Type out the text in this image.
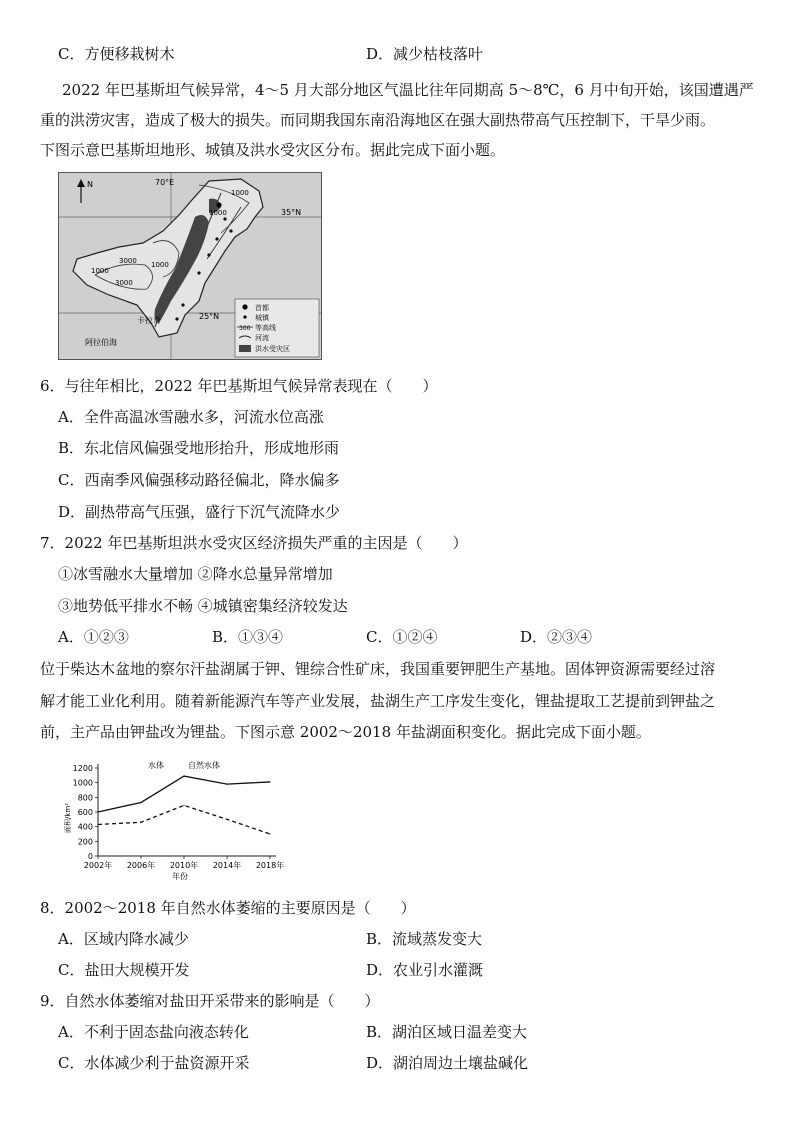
C．方便移栽树木	D．减少枯枝落叶
2022 年巴基斯坦气候异常，4～5 月大部分地区气温比往年同期高 5～8℃，6 月中旬开始，该国遭遇严
重的洪涝灾害，造成了极大的损失。而同期我国东南沿海地区在强大副热带高气压控制下，干旱少雨。
下图示意巴基斯坦地形、城镇及洪水受灾区分布。据此完成下面小题。
N	70°E
35°N
25°N
1000
3000 1000
1000
3000
1000
卡拉奇
阿拉伯海
首都
城镇
300 等高线
河流
洪水受灾区
6．与往年相比，2022 年巴基斯坦气候异常表现在（　　）
A．全件高温冰雪融水多，河流水位高涨
B．东北信风偏强受地形抬升，形成地形雨
C．西南季风偏强移动路径偏北，降水偏多
D．副热带高气压强，盛行下沉气流降水少
7．2022 年巴基斯坦洪水受灾区经济损失严重的主因是（　　）
①冰雪融水大量增加 ②降水总量异常增加
③地势低平排水不畅 ④城镇密集经济较发达
A．①②③	B．①③④	C．①②④	D．②③④
位于柴达木盆地的察尔汗盐湖属于钾、锂综合性矿床，我国重要钾肥生产基地。固体钾资源需要经过溶
解才能工业化利用。随着新能源汽车等产业发展，盐湖生产工序发生变化，锂盐提取工艺提前到钾盐之
前，主产品由钾盐改为锂盐。下图示意 2002～2018 年盐湖面积变化。据此完成下面小题。
0
200
400
600
800
1000
1200
2002年 2006年 2010年 2014年 2018年
水体	自然水体
面积/km²
年份
8．2002～2018 年自然水体萎缩的主要原因是（　　）
A．区域内降水减少	B．流域蒸发变大
C．盐田大规模开发	D．农业引水灌溉
9．自然水体萎缩对盐田开采带来的影响是（　　）
A．不利于固态盐向液态转化	B．湖泊区域日温差变大
C．水体减少利于盐资源开采	D．湖泊周边土壤盐碱化
